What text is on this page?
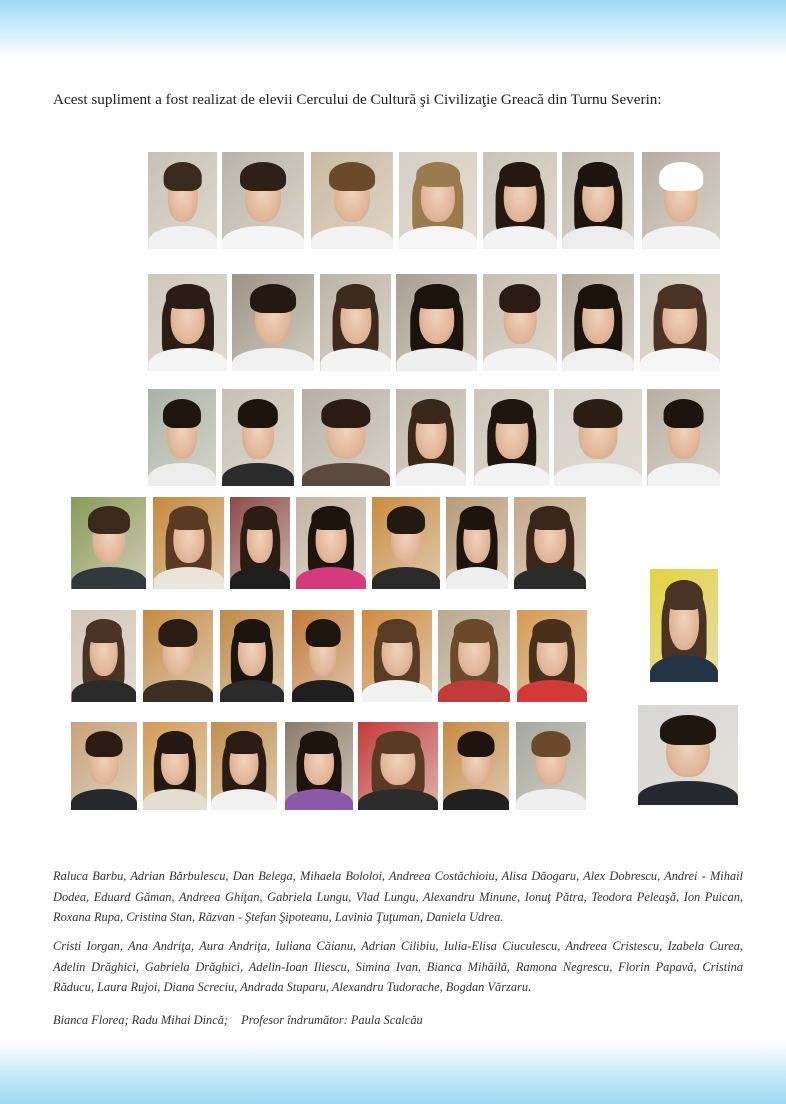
Acest supliment a fost realizat de elevii Cercului de Cultură şi Civilizaţie Greacă din Turnu Severin:

Raluca Barbu, Adrian Bărbulescu, Dan Belega, Mihaela Bololoi, Andreea Costăchioiu, Alisa Dăogaru, Alex Dobrescu, Andrei - Mihail Dodea, Eduard Găman, Andreea Ghiţan, Gabriela Lungu, Vlad Lungu, Alexandru Minune, Ionuţ Pătra, Teodora Peleaşă, Ion Puican, Roxana Rupa, Cristina Stan, Răzvan - Ştefan Şipoteanu, Lavinia Ţuţuman, Daniela Udrea.

Cristi Iorgan, Ana Andriţa, Aura Andriţa, Iuliana Căianu, Adrian Cilibiu, Iulia-Elisa Ciuculescu, Andreea Cristescu, Izabela Curea, Adelin Drăghici, Gabriela Drăghici, Adelin-Ioan Iliescu, Simina Ivan, Bianca Mihăilă, Ramona Negrescu, Florin Papavă, Cristina Răducu, Laura Rujoi, Diana Screciu, Andrada Stuparu, Alexandru Tudorache, Bogdan Vărzaru.

Bianca Florea; Radu Mihai Dincă; Profesor îndrumător: Paula Scalcău
